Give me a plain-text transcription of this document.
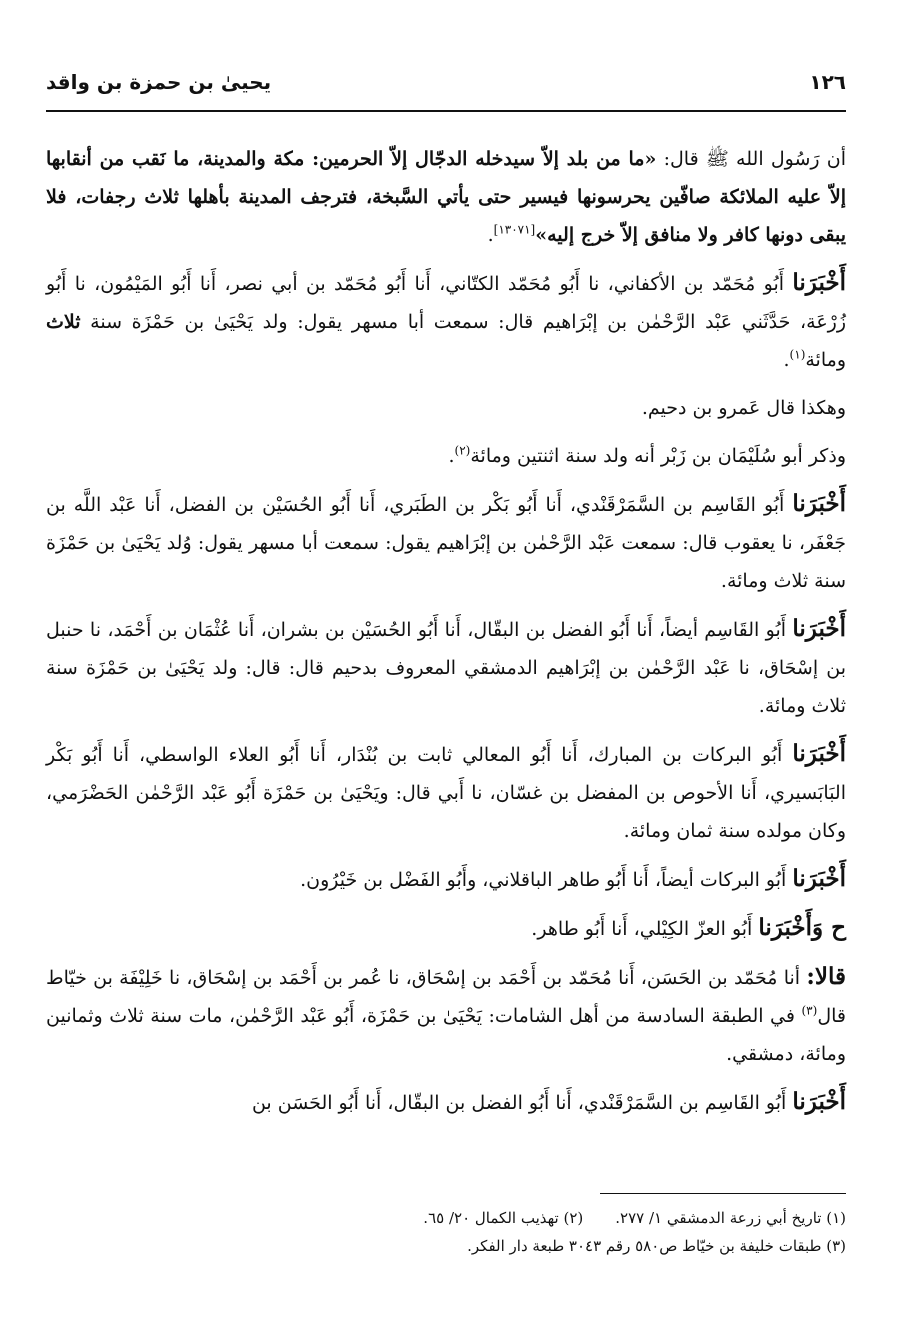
١٢٦
يحيىٰ بن حمزة بن واقد

أن رَسُول الله ﷺ قال: «ما من بلد إلاّ سيدخله الدجّال إلاّ الحرمين: مكة والمدينة، ما نَقب من أنقابها إلاّ عليه الملائكة صافّين يحرسونها فيسير حتى يأتي السَّبخة، فترجف المدينة بأهلها ثلاث رجفات، فلا يبقى دونها كافر ولا منافق إلاّ خرج إليه»[١٣٠٧١].

أَخْبَرَنا أَبُو مُحَمّد بن الأكفاني، نا أَبُو مُحَمّد الكتّاني، أَنا أَبُو مُحَمّد بن أبي نصر، أَنا أَبُو المَيْمُون، نا أَبُو زُرْعَة، حَدَّثَني عَبْد الرَّحْمٰن بن إبْرَاهيم قال: سمعت أبا مسهر يقول: ولد يَحْيَىٰ بن حَمْزَة سنة ثلاث ومائة$^{(١)}$.

وهكذا قال عَمرو بن دحيم.

وذكر أبو سُلَيْمَان بن زَبْر أنه ولد سنة اثنتين ومائة$^{(٢)}$.

أَخْبَرَنا أَبُو القَاسِم بن السَّمَرْقَنْدي، أَنا أَبُو بَكْر بن الطَبَري، أَنا أَبُو الحُسَيْن بن الفضل، أَنا عَبْد اللَّه بن جَعْفَر، نا يعقوب قال: سمعت عَبْد الرَّحْمٰن بن إبْرَاهيم يقول: سمعت أبا مسهر يقول: وُلد يَحْيَىٰ بن حَمْزَة سنة ثلاث ومائة.

أَخْبَرَنا أَبُو القَاسِم أيضاً، أَنا أَبُو الفضل بن البقّال، أَنا أَبُو الحُسَيْن بن بشران، أَنا عُثْمَان بن أَحْمَد، نا حنبل بن إسْحَاق، نا عَبْد الرَّحْمٰن بن إبْرَاهيم الدمشقي المعروف بدحيم قال: قال: ولد يَحْيَىٰ بن حَمْزَة سنة ثلاث ومائة.

أَخْبَرَنا أَبُو البركات بن المبارك، أَنا أَبُو المعالي ثابت بن بُنْدَار، أَنا أَبُو العلاء الواسطي، أَنا أَبُو بَكْر البَابَسيري، أَنا الأحوص بن المفضل بن غسّان، نا أَبي قال: ويَحْيَىٰ بن حَمْزَة أَبُو عَبْد الرَّحْمٰن الحَضْرَمي، وكان مولده سنة ثمان ومائة.

أَخْبَرَنا أَبُو البركات أيضاً، أَنا أَبُو طاهر الباقلاني، وأَبُو الفَضْل بن خَيْرُون.

ح وَأَخْبَرَنا أَبُو العزّ الكِيْلي، أَنا أَبُو طاهر.

قالا: أنا مُحَمّد بن الحَسَن، أَنا مُحَمّد بن أَحْمَد بن إسْحَاق، نا عُمر بن أَحْمَد بن إسْحَاق، نا خَلِيْفَة بن خيّاط قال$^{(٣)}$ في الطبقة السادسة من أهل الشامات: يَحْيَىٰ بن حَمْزَة، أَبُو عَبْد الرَّحْمٰن، مات سنة ثلاث وثمانين ومائة، دمشقي.

أَخْبَرَنا أَبُو القَاسِم بن السَّمَرْقَنْدي، أَنا أَبُو الفضل بن البقّال، أَنا أَبُو الحَسَن بن

(١) تاريخ أبي زرعة الدمشقي ١/ ٢٧٧.
(٢) تهذيب الكمال ٢٠/ ٦٥.
(٣) طبقات خليفة بن خيّاط ص٥٨٠ رقم ٣٠٤٣ طبعة دار الفكر.
